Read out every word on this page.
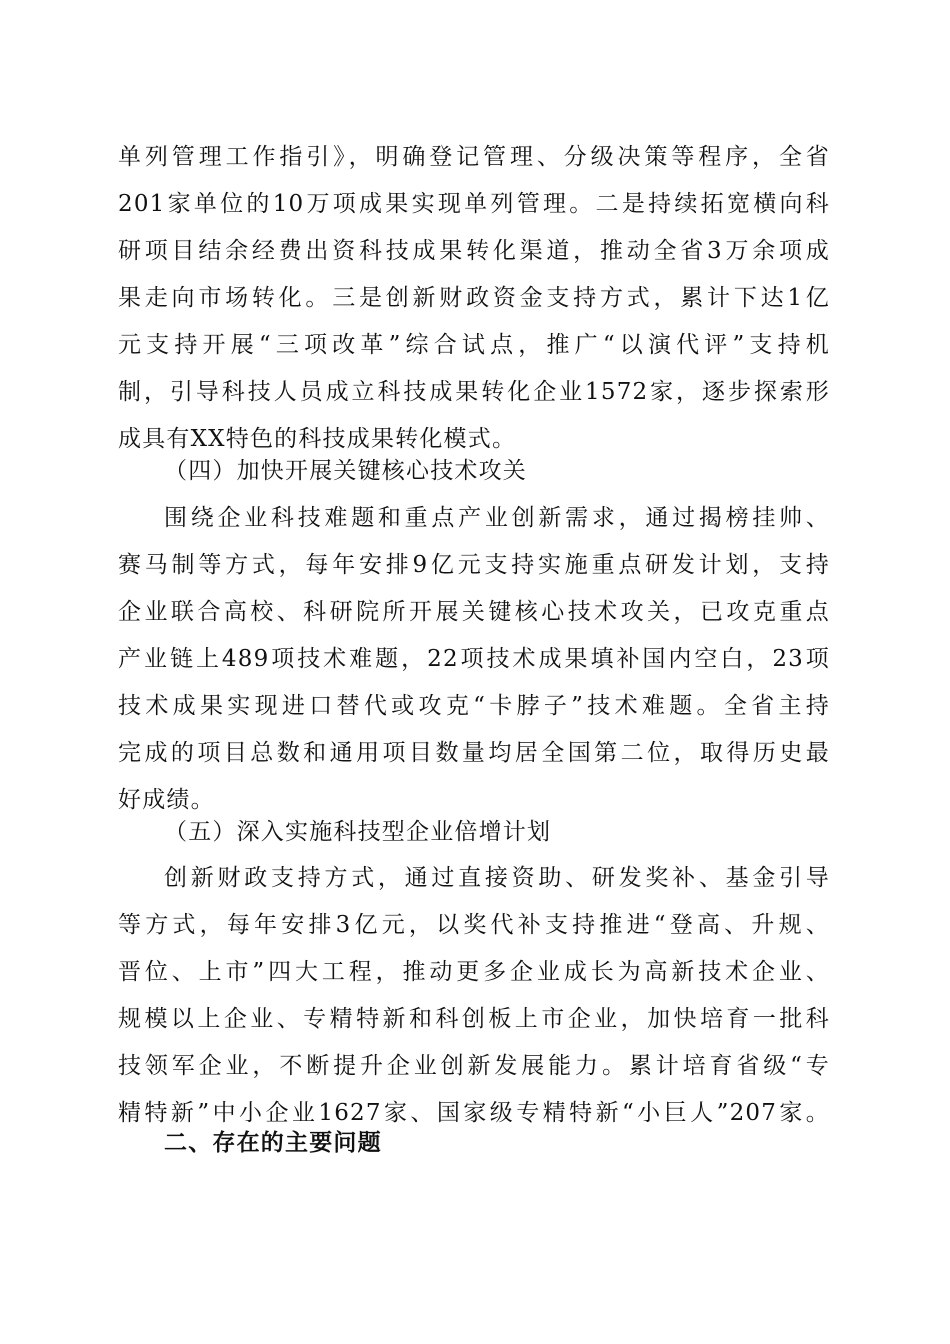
单列管理工作指引》，明确登记管理、分级决策等程序，全省
201家单位的10万项成果实现单列管理。二是持续拓宽横向科
研项目结余经费出资科技成果转化渠道，推动全省3万余项成
果走向市场转化。三是创新财政资金支持方式，累计下达1亿
元支持开展“三项改革”综合试点，推广“以演代评”支持机
制，引导科技人员成立科技成果转化企业1572家，逐步探索形
成具有XX特色的科技成果转化模式。
（四）加快开展关键核心技术攻关
围绕企业科技难题和重点产业创新需求，通过揭榜挂帅、
赛马制等方式，每年安排9亿元支持实施重点研发计划，支持
企业联合高校、科研院所开展关键核心技术攻关，已攻克重点
产业链上489项技术难题，22项技术成果填补国内空白，23项
技术成果实现进口替代或攻克“卡脖子”技术难题。全省主持
完成的项目总数和通用项目数量均居全国第二位，取得历史最
好成绩。
（五）深入实施科技型企业倍增计划
创新财政支持方式，通过直接资助、研发奖补、基金引导
等方式，每年安排3亿元，以奖代补支持推进“登高、升规、
晋位、上市”四大工程，推动更多企业成长为高新技术企业、
规模以上企业、专精特新和科创板上市企业，加快培育一批科
技领军企业，不断提升企业创新发展能力。累计培育省级“专
精特新”中小企业1627家、国家级专精特新“小巨人”207家。
二、存在的主要问题
